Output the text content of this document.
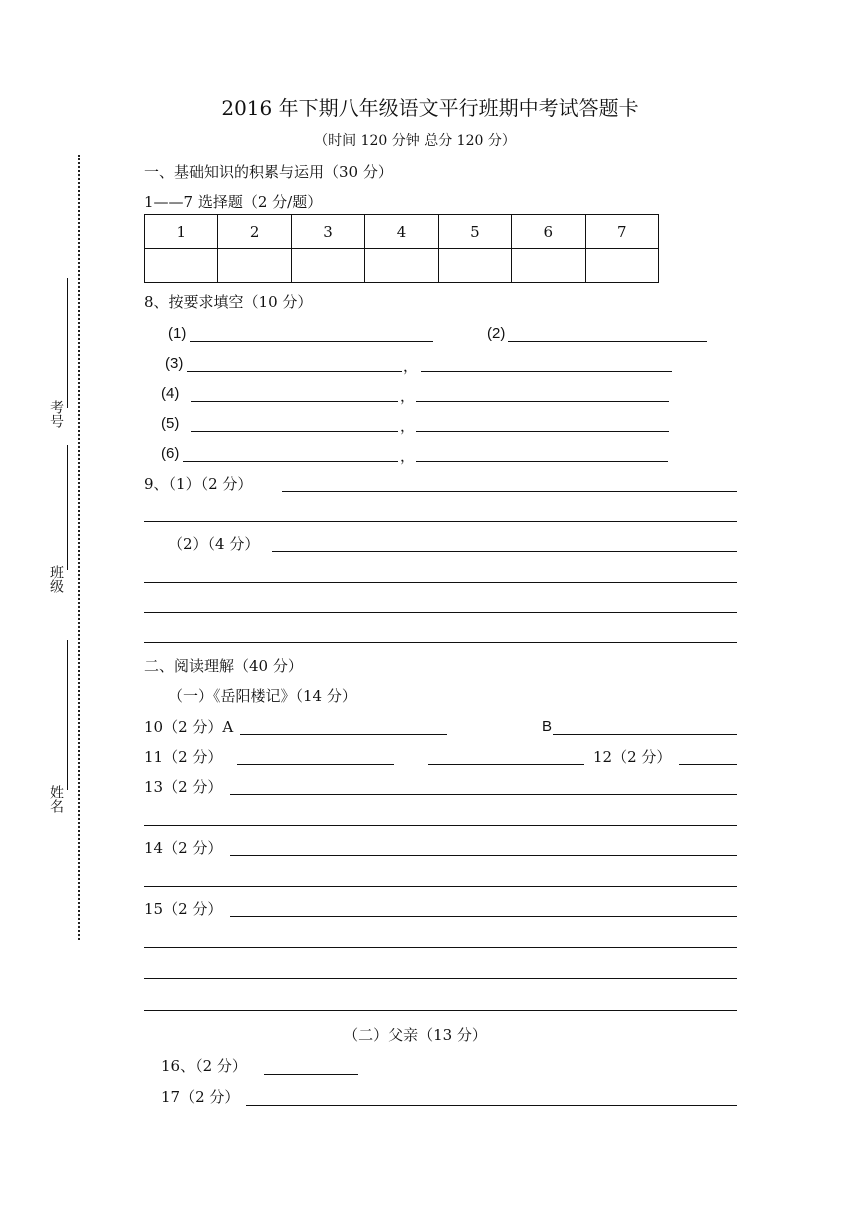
2016 年下期八年级语文平行班期中考试答题卡
（时间 120 分钟 总分 120 分）
考号
班级
姓名
一、基础知识的积累与运用（30 分）
1——7 选择题（2 分/题）
1	2	3	4	5	6	7

8、按要求填空（10 分）
(1)	(2)
(3)	，
(4)	，
(5)	，
(6)	，
9、（1）（2 分）
（2）（4 分）
二、阅读理解（40 分）
（一）《岳阳楼记》（14 分）
10（2 分）A	B
11（2 分）	12（2 分）
13（2 分）
14（2 分）
15（2 分）
（二）父亲（13 分）
16、（2 分）
17（2 分）
